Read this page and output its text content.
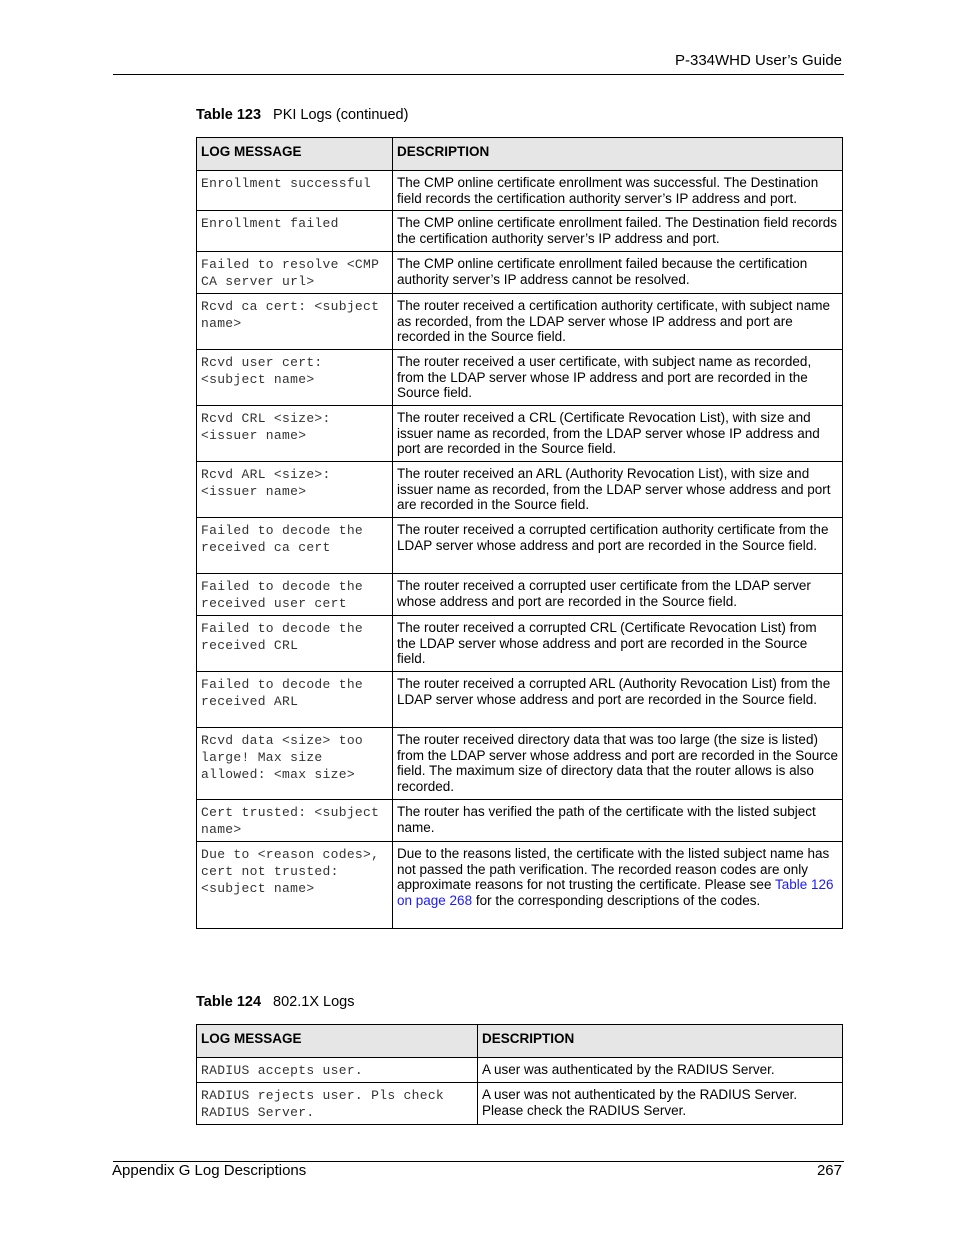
P-334WHD User’s Guide
Table 123 PKI Logs (continued)
LOG MESSAGE	DESCRIPTION
Enrollment successful	The CMP online certificate enrollment was successful. The Destination field records the certification authority server’s IP address and port.
Enrollment failed	The CMP online certificate enrollment failed. The Destination field records the certification authority server’s IP address and port.
Failed to resolve <CMP CA server url>	The CMP online certificate enrollment failed because the certification authority server’s IP address cannot be resolved.
Rcvd ca cert: <subject name>	The router received a certification authority certificate, with subject name as recorded, from the LDAP server whose IP address and port are recorded in the Source field.
Rcvd user cert: <subject name>	The router received a user certificate, with subject name as recorded, from the LDAP server whose IP address and port are recorded in the Source field.
Rcvd CRL <size>: <issuer name>	The router received a CRL (Certificate Revocation List), with size and issuer name as recorded, from the LDAP server whose IP address and port are recorded in the Source field.
Rcvd ARL <size>: <issuer name>	The router received an ARL (Authority Revocation List), with size and issuer name as recorded, from the LDAP server whose address and port are recorded in the Source field.
Failed to decode the received ca cert	The router received a corrupted certification authority certificate from the LDAP server whose address and port are recorded in the Source field.
Failed to decode the received user cert	The router received a corrupted user certificate from the LDAP server whose address and port are recorded in the Source field.
Failed to decode the received CRL	The router received a corrupted CRL (Certificate Revocation List) from the LDAP server whose address and port are recorded in the Source field.
Failed to decode the received ARL	The router received a corrupted ARL (Authority Revocation List) from the LDAP server whose address and port are recorded in the Source field.
Rcvd data <size> too large! Max size allowed: <max size>	The router received directory data that was too large (the size is listed) from the LDAP server whose address and port are recorded in the Source field. The maximum size of directory data that the router allows is also recorded.
Cert trusted: <subject name>	The router has verified the path of the certificate with the listed subject name.
Due to <reason codes>, cert not trusted: <subject name>	Due to the reasons listed, the certificate with the listed subject name has not passed the path verification. The recorded reason codes are only approximate reasons for not trusting the certificate. Please see Table 126 on page 268 for the corresponding descriptions of the codes.
Table 124 802.1X Logs
LOG MESSAGE	DESCRIPTION
RADIUS accepts user.	A user was authenticated by the RADIUS Server.
RADIUS rejects user. Pls check RADIUS Server.	A user was not authenticated by the RADIUS Server. Please check the RADIUS Server.
Appendix G Log Descriptions	267
